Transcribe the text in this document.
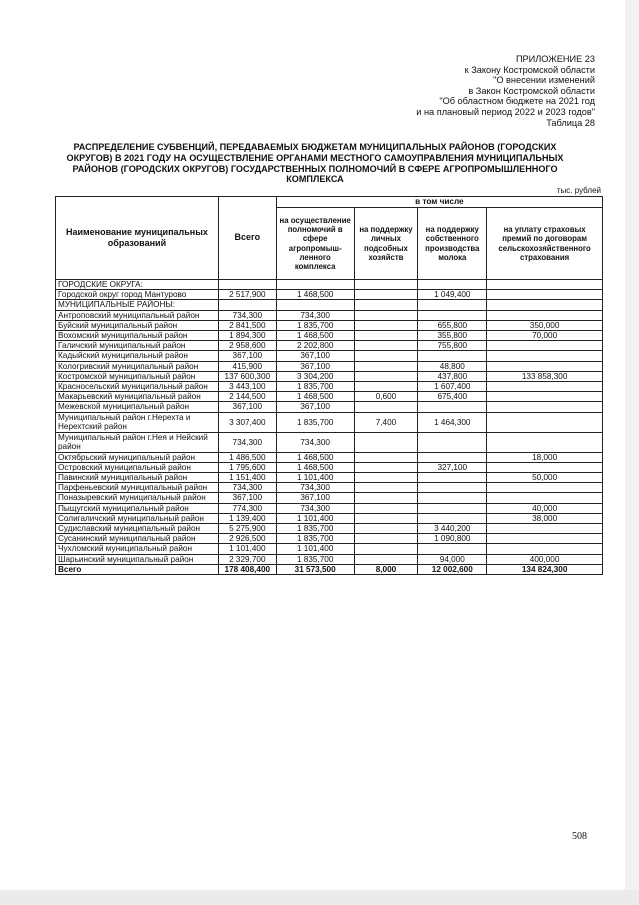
ПРИЛОЖЕНИЕ 23
к Закону Костромской области
"О внесении изменений
в Закон Костромской области
"Об областном бюджете на 2021 год
и на плановый период 2022 и 2023 годов"
Таблица 28
РАСПРЕДЕЛЕНИЕ СУБВЕНЦИЙ, ПЕРЕДАВАЕМЫХ БЮДЖЕТАМ МУНИЦИПАЛЬНЫХ РАЙОНОВ (ГОРОДСКИХ ОКРУГОВ) В 2021 ГОДУ НА ОСУЩЕСТВЛЕНИЕ ОРГАНАМИ МЕСТНОГО САМОУПРАВЛЕНИЯ МУНИЦИПАЛЬНЫХ РАЙОНОВ (ГОРОДСКИХ ОКРУГОВ) ГОСУДАРСТВЕННЫХ ПОЛНОМОЧИЙ В СФЕРЕ АГРОПРОМЫШЛЕННОГО КОМПЛЕКСА
тыс. рублей
Наименование муниципальных образований	Всего	в том числе			
		на осуществление полномочий в сфере агропромыш-ленного комплекса	на поддержку личных подсобных хозяйств	на поддержку собственного производства молока	на уплату страховых премий по договорам сельскохозяйственного страхования
ГОРОДСКИЕ ОКРУГА:					
Городской округ город Мантурово	2 517,900	1 468,500		1 049,400	
МУНИЦИПАЛЬНЫЕ РАЙОНЫ:					
Антроповский муниципальный район	734,300	734,300			
Буйский муниципальный район	2 841,500	1 835,700		655,800	350,000
Вохомский муниципальный район	1 894,300	1 468,500		355,800	70,000
Галичский муниципальный район	2 958,600	2 202,800		755,800	
Кадыйский муниципальный район	367,100	367,100			
Кологривский муниципальный район	415,900	367,100		48,800	
Костромской муниципальный район	137 600,300	3 304,200		437,800	133 858,300
Красносельский муниципальный район	3 443,100	1 835,700		1 607,400	
Макарьевский муниципальный район	2 144,500	1 468,500	0,600	675,400	
Межевской муниципальный район	367,100	367,100			
Муниципальный район г.Нерехта и Нерехтский район	3 307,400	1 835,700	7,400	1 464,300	
Муниципальный район г.Нея и Нейский район	734,300	734,300			
Октябрьский муниципальный район	1 486,500	1 468,500			18,000
Островский муниципальный район	1 795,600	1 468,500		327,100	
Павинский муниципальный район	1 151,400	1 101,400			50,000
Парфеньевский муниципальный район	734,300	734,300			
Поназыревский муниципальный район	367,100	367,100			
Пыщугский муниципальный район	774,300	734,300			40,000
Солигаличский муниципальный район	1 139,400	1 101,400			38,000
Судиславский муниципальный район	5 275,900	1 835,700		3 440,200	
Сусанинский муниципальный район	2 926,500	1 835,700		1 090,800	
Чухломский муниципальный район	1 101,400	1 101,400			
Шарьинский муниципальный район	2 329,700	1 835,700		94,000	400,000
Всего	178 408,400	31 573,500	8,000	12 002,600	134 824,300
508
